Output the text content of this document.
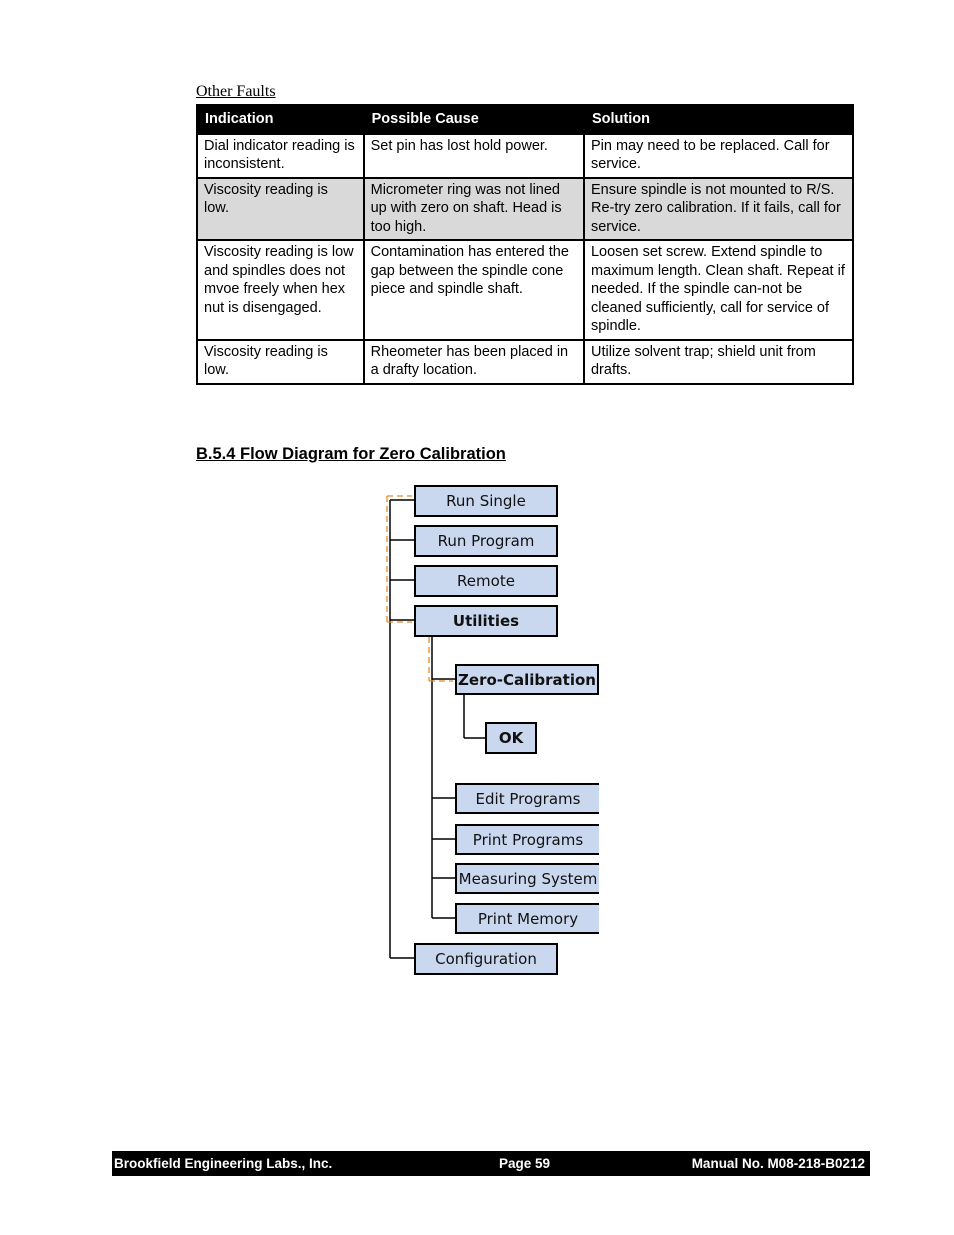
Other Faults
Indication	Possible Cause	Solution
Dial indicator reading is inconsistent.	Set pin has lost hold power.	Pin may need to be replaced. Call for service.
Viscosity reading is low.	Micrometer ring was not lined up with zero on shaft. Head is too high.	Ensure spindle is not mounted to R/S. Re-try zero calibration. If it fails, call for service.
Viscosity reading is low and spindles does not mvoe freely when hex nut is disengaged.	Contamination has entered the gap between the spindle cone piece and spindle shaft.	Loosen set screw. Extend spindle to maximum length. Clean shaft. Repeat if needed. If the spindle can-not be cleaned sufficiently, call for service of spindle.
Viscosity reading is low.	Rheometer has been placed in a drafty location.	Utilize solvent trap; shield unit from drafts.
B.5.4 Flow Diagram for Zero Calibration
Run Single
Run Program
Remote
Utilities
Zero-Calibration
OK
Edit Programs
Print Programs
Measuring System
Print Memory
Configuration
Brookfield Engineering Labs., Inc.	Page 59	Manual No. M08-218-B0212
